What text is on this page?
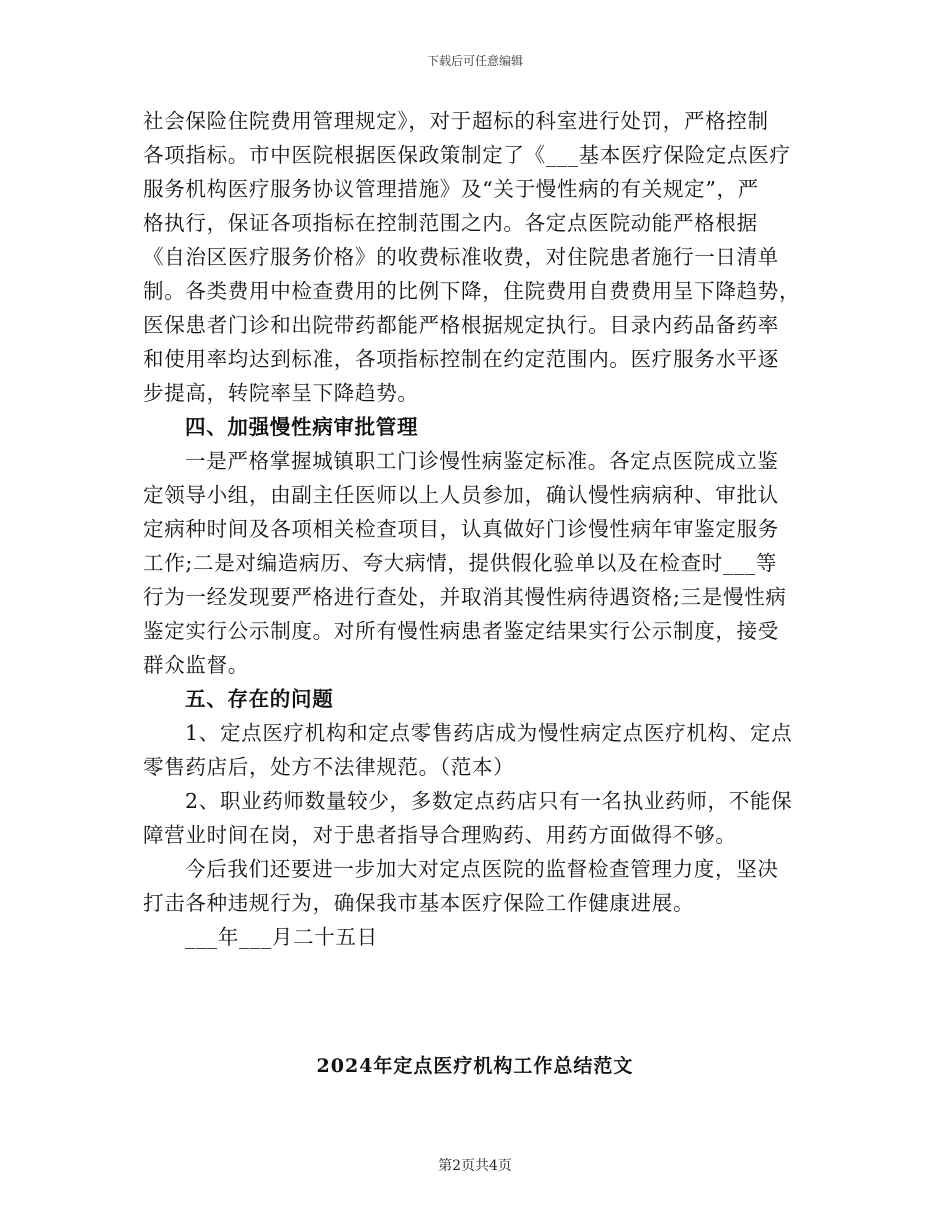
下载后可任意编辑
社会保险住院费用管理规定》，对于超标的科室进行处罚，严格控制
各项指标。市中医院根据医保政策制定了《___基本医疗保险定点医疗
服务机构医疗服务协议管理措施》及“关于慢性病的有关规定”，严
格执行，保证各项指标在控制范围之内。各定点医院动能严格根据
《自治区医疗服务价格》的收费标准收费，对住院患者施行一日清单
制。各类费用中检查费用的比例下降，住院费用自费费用呈下降趋势，
医保患者门诊和出院带药都能严格根据规定执行。目录内药品备药率
和使用率均达到标准，各项指标控制在约定范围内。医疗服务水平逐
步提高，转院率呈下降趋势。
四、加强慢性病审批管理
一是严格掌握城镇职工门诊慢性病鉴定标准。各定点医院成立鉴
定领导小组，由副主任医师以上人员参加，确认慢性病病种、审批认
定病种时间及各项相关检查项目，认真做好门诊慢性病年审鉴定服务
工作;二是对编造病历、夸大病情，提供假化验单以及在检查时___等
行为一经发现要严格进行查处，并取消其慢性病待遇资格;三是慢性病
鉴定实行公示制度。对所有慢性病患者鉴定结果实行公示制度，接受
群众监督。
五、存在的问题
1、定点医疗机构和定点零售药店成为慢性病定点医疗机构、定点
零售药店后，处方不法律规范。（范本）
2、职业药师数量较少，多数定点药店只有一名执业药师，不能保
障营业时间在岗，对于患者指导合理购药、用药方面做得不够。
今后我们还要进一步加大对定点医院的监督检查管理力度，坚决
打击各种违规行为，确保我市基本医疗保险工作健康进展。
___年___月二十五日
2024年定点医疗机构工作总结范文
第2页共4页
